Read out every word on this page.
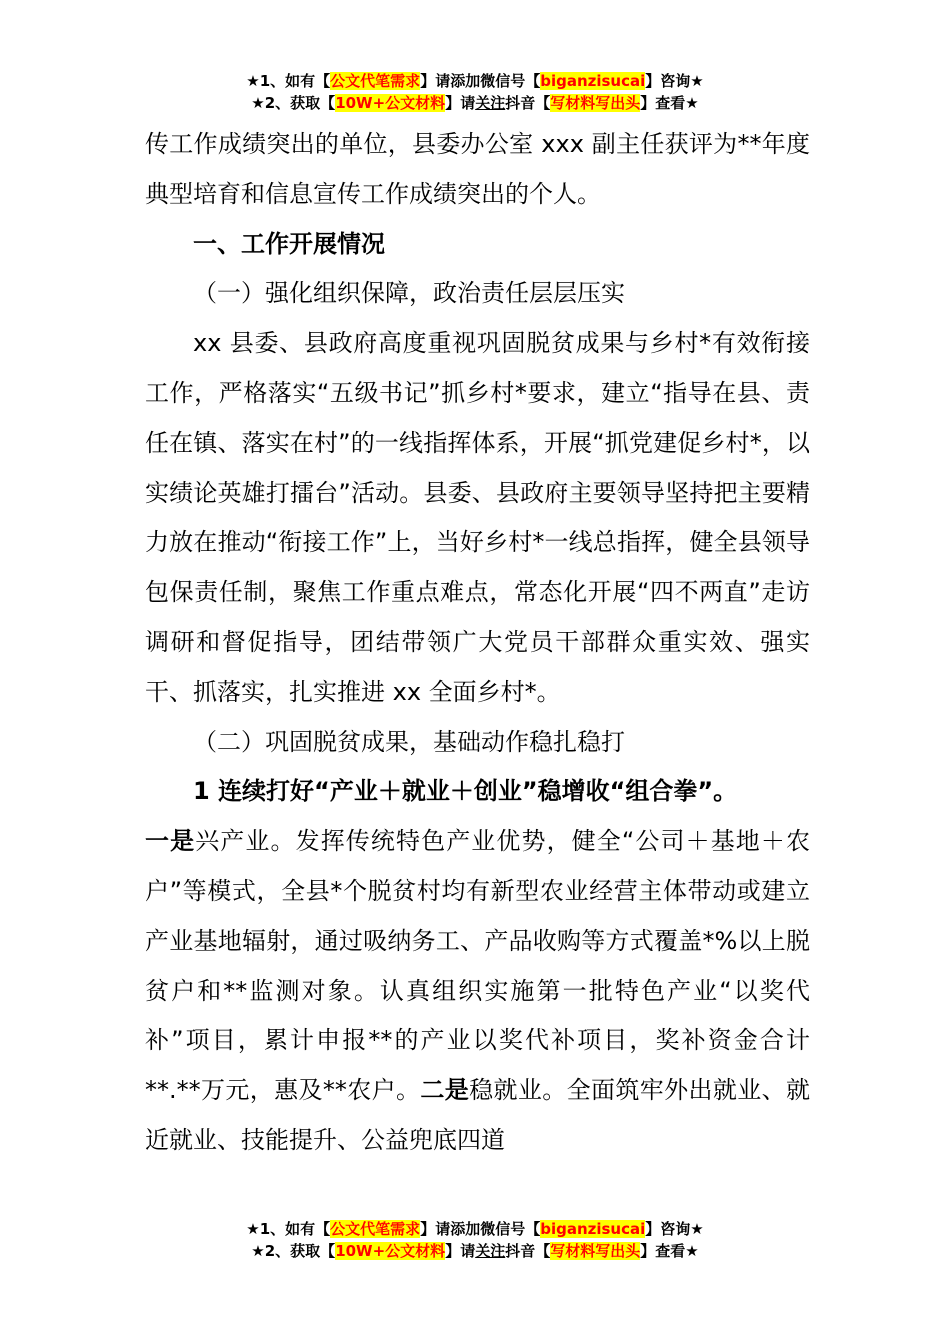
★1、如有【公文代笔需求】请添加微信号【biganzisucai】咨询★
★2、获取【10W+公文材料】请关注抖音【写材料写出头】查看★

传工作成绩突出的单位，县委办公室 xxx 副主任获评为**年度典型培育和信息宣传工作成绩突出的个人。

一、工作开展情况

（一）强化组织保障，政治责任层层压实

xx 县委、县政府高度重视巩固脱贫成果与乡村*有效衔接工作，严格落实“五级书记”抓乡村*要求，建立“指导在县、责任在镇、落实在村”的一线指挥体系，开展“抓党建促乡村*，以实绩论英雄打擂台”活动。县委、县政府主要领导坚持把主要精力放在推动“衔接工作”上，当好乡村*一线总指挥，健全县领导包保责任制，聚焦工作重点难点，常态化开展“四不两直”走访调研和督促指导，团结带领广大党员干部群众重实效、强实干、抓落实，扎实推进 xx 全面乡村*。

（二）巩固脱贫成果，基础动作稳扎稳打

1 连续打好“产业＋就业＋创业”稳增收“组合拳”。

一是兴产业。发挥传统特色产业优势，健全“公司＋基地＋农户”等模式，全县*个脱贫村均有新型农业经营主体带动或建立产业基地辐射，通过吸纳务工、产品收购等方式覆盖*%以上脱贫户和**监测对象。认真组织实施第一批特色产业“以奖代补”项目，累计申报**的产业以奖代补项目，奖补资金合计**.**万元，惠及**农户。二是稳就业。全面筑牢外出就业、就近就业、技能提升、公益兜底四道

★1、如有【公文代笔需求】请添加微信号【biganzisucai】咨询★
★2、获取【10W+公文材料】请关注抖音【写材料写出头】查看★
